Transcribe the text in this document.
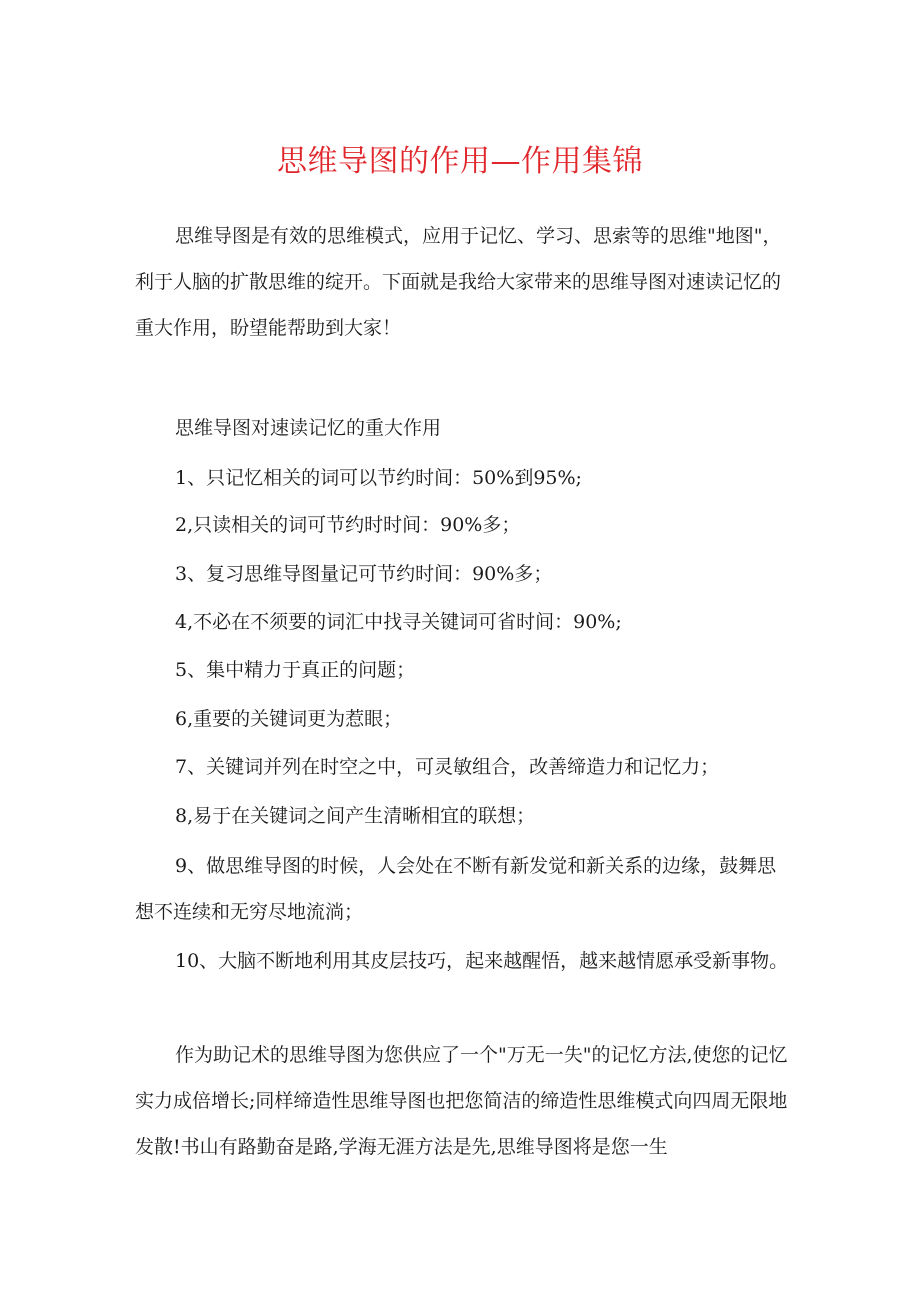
思维导图的作用—作用集锦

思维导图是有效的思维模式，应用于记忆、学习、思索等的思维"地图"，利于人脑的扩散思维的绽开。下面就是我给大家带来的思维导图对速读记忆的重大作用，盼望能帮助到大家！

思维导图对速读记忆的重大作用
1、只记忆相关的词可以节约时间：50%到95%;
2,只读相关的词可节约时时间：90%多；
3、复习思维导图量记可节约时间：90%多；
4,不必在不须要的词汇中找寻关键词可省时间：90%;
5、集中精力于真正的问题；
6,重要的关键词更为惹眼；
7、关键词并列在时空之中，可灵敏组合，改善缔造力和记忆力；
8,易于在关键词之间产生清晰相宜的联想；

9、做思维导图的时候，人会处在不断有新发觉和新关系的边缘，鼓舞思想不连续和无穷尽地流淌；

10、大脑不断地利用其皮层技巧，起来越醒悟，越来越情愿承受新事物。

作为助记术的思维导图为您供应了一个"万无一失"的记忆方法,使您的记忆实力成倍增长;同样缔造性思维导图也把您简洁的缔造性思维模式向四周无限地发散!书山有路勤奋是路,学海无涯方法是先,思维导图将是您一生
